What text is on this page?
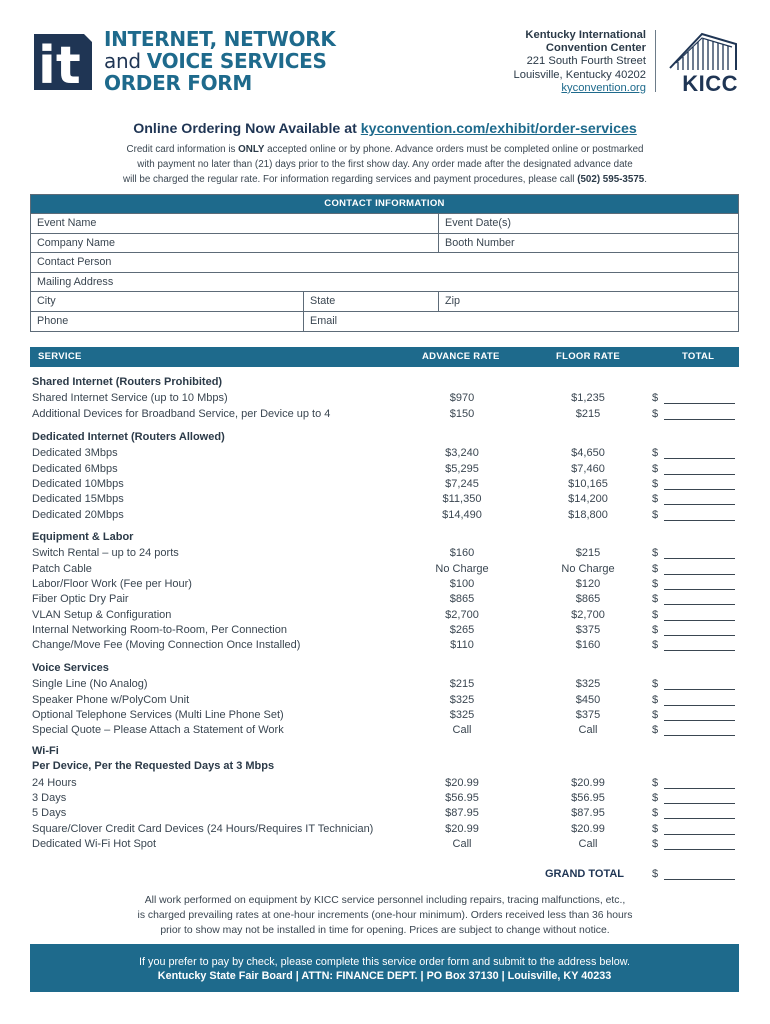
it INTERNET, NETWORK
and VOICE SERVICES
ORDER FORM
Kentucky International
Convention Center
221 South Fourth Street
Louisville, Kentucky 40202
kyconvention.org KICC
Online Ordering Now Available at kyconvention.com/exhibit/order-services
Credit card information is ONLY accepted online or by phone. Advance orders must be completed online or postmarked
with payment no later than (21) days prior to the first show day. Any order made after the designated advance date
will be charged the regular rate. For information regarding services and payment procedures, please call (502) 595-3575.
CONTACT INFORMATION
Event Name	Event Date(s)
Company Name	Booth Number
Contact Person
Mailing Address
City	State	Zip
Phone	Email
SERVICE	ADVANCE RATE	FLOOR RATE	TOTAL
Shared Internet (Routers Prohibited)
Shared Internet Service (up to 10 Mbps)	$970	$1,235	$
Additional Devices for Broadband Service, per Device up to 4	$150	$215	$
Dedicated Internet (Routers Allowed)
Dedicated 3Mbps	$3,240	$4,650	$
Dedicated 6Mbps	$5,295	$7,460	$
Dedicated 10Mbps	$7,245	$10,165	$
Dedicated 15Mbps	$11,350	$14,200	$
Dedicated 20Mbps	$14,490	$18,800	$
Equipment & Labor
Switch Rental – up to 24 ports	$160	$215	$
Patch Cable	No Charge	No Charge	$
Labor/Floor Work (Fee per Hour)	$100	$120	$
Fiber Optic Dry Pair	$865	$865	$
VLAN Setup & Configuration	$2,700	$2,700	$
Internal Networking Room-to-Room, Per Connection	$265	$375	$
Change/Move Fee (Moving Connection Once Installed)	$110	$160	$
Voice Services
Single Line (No Analog)	$215	$325	$
Speaker Phone w/PolyCom Unit	$325	$450	$
Optional Telephone Services (Multi Line Phone Set)	$325	$375	$
Special Quote – Please Attach a Statement of Work	Call	Call	$
Wi-Fi
Per Device, Per the Requested Days at 3 Mbps
24 Hours	$20.99	$20.99	$
3 Days	$56.95	$56.95	$
5 Days	$87.95	$87.95	$
Square/Clover Credit Card Devices (24 Hours/Requires IT Technician)	$20.99	$20.99	$
Dedicated Wi-Fi Hot Spot	Call	Call	$
GRAND TOTAL	$
All work performed on equipment by KICC service personnel including repairs, tracing malfunctions, etc.,
is charged prevailing rates at one-hour increments (one-hour minimum). Orders received less than 36 hours
prior to show may not be installed in time for opening. Prices are subject to change without notice.
If you prefer to pay by check, please complete this service order form and submit to the address below.
Kentucky State Fair Board | ATTN: FINANCE DEPT. | PO Box 37130 | Louisville, KY 40233
